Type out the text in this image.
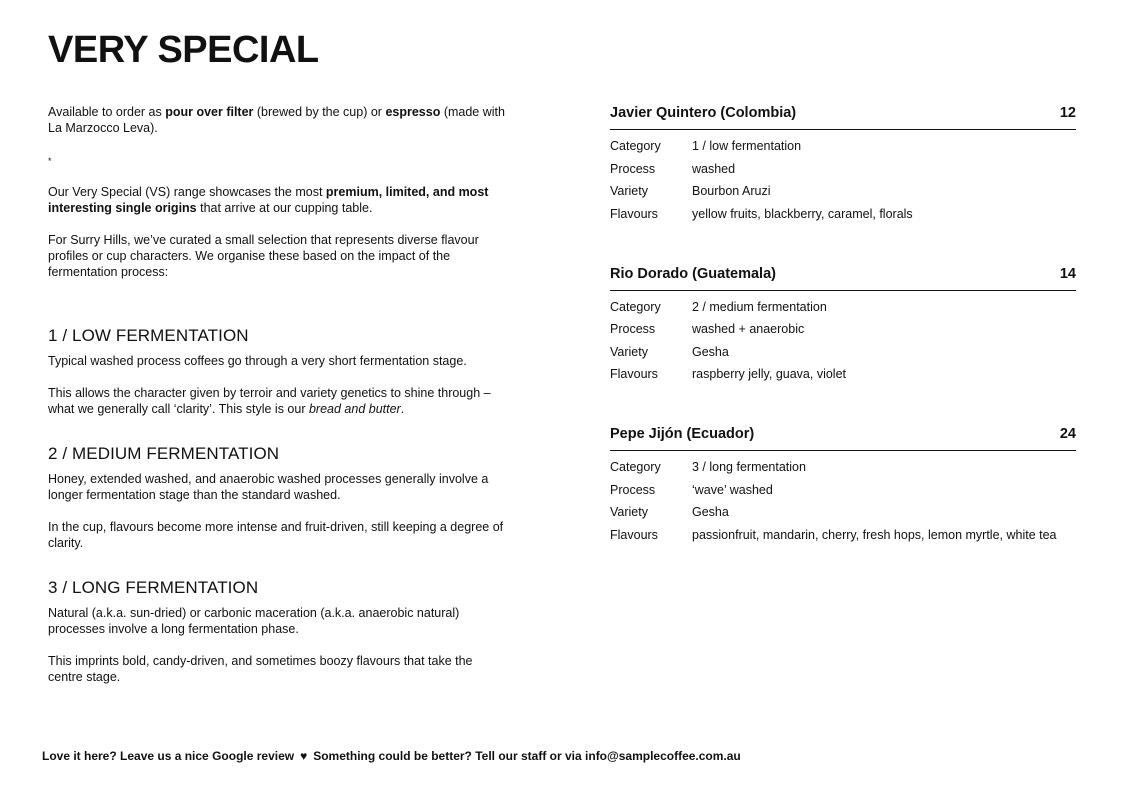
VERY SPECIAL

Available to order as pour over filter (brewed by the cup) or espresso (made with La Marzocco Leva).

*

Our Very Special (VS) range showcases the most premium, limited, and most interesting single origins that arrive at our cupping table.

For Surry Hills, we’ve curated a small selection that represents diverse flavour profiles or cup characters. We organise these based on the impact of the fermentation process:

1 / LOW FERMENTATION

Typical washed process coffees go through a very short fermentation stage.

This allows the character given by terroir and variety genetics to shine through – what we generally call ‘clarity’. This style is our bread and butter.

2 / MEDIUM FERMENTATION

Honey, extended washed, and anaerobic washed processes generally involve a longer fermentation stage than the standard washed.

In the cup, flavours become more intense and fruit-driven, still keeping a degree of clarity.

3 / LONG FERMENTATION

Natural (a.k.a. sun-dried) or carbonic maceration (a.k.a. anaerobic natural) processes involve a long fermentation phase.

This imprints bold, candy-driven, and sometimes boozy flavours that take the centre stage.

Javier Quintero (Colombia)	12
Category	1 / low fermentation
Process	washed
Variety	Bourbon Aruzi
Flavours	yellow fruits, blackberry, caramel, florals
Rio Dorado (Guatemala)	14
Category	2 / medium fermentation
Process	washed + anaerobic
Variety	Gesha
Flavours	raspberry jelly, guava, violet
Pepe Jijón (Ecuador)	24
Category	3 / long fermentation
Process	‘wave’ washed
Variety	Gesha
Flavours	passionfruit, mandarin, cherry, fresh hops, lemon myrtle, white tea
Love it here? Leave us a nice Google review ♥ Something could be better? Tell our staff or via info@samplecoffee.com.au
